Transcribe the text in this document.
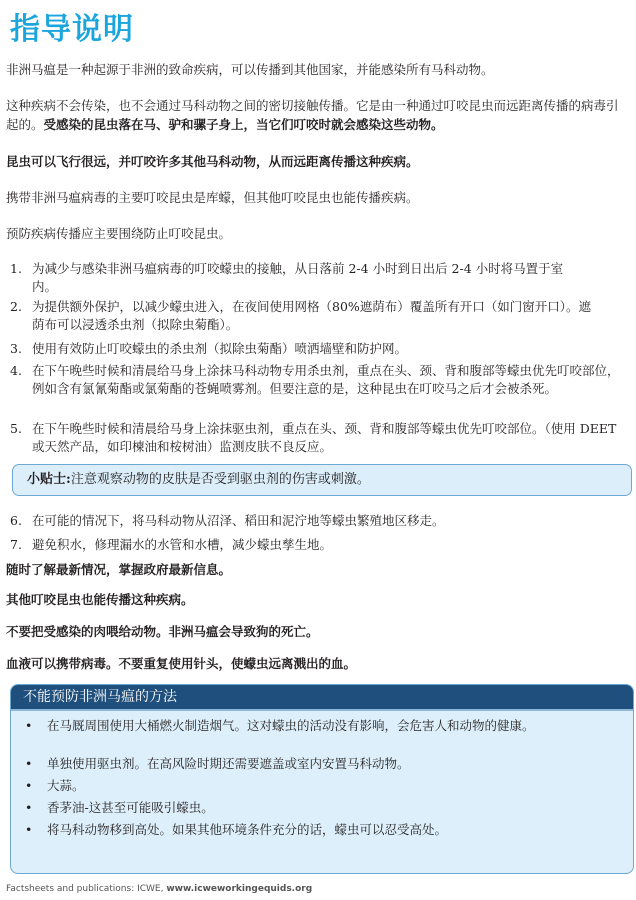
指导说明
非洲马瘟是一种起源于非洲的致命疾病，可以传播到其他国家，并能感染所有马科动物。
这种疾病不会传染，也不会通过马科动物之间的密切接触传播。它是由一种通过叮咬昆虫而远距离传播的病毒引起的。受感染的昆虫落在马、驴和骡子身上，当它们叮咬时就会感染这些动物。
昆虫可以飞行很远，并叮咬许多其他马科动物，从而远距离传播这种疾病。
携带非洲马瘟病毒的主要叮咬昆虫是库蠓，但其他叮咬昆虫也能传播疾病。
预防疾病传播应主要围绕防止叮咬昆虫。
1. 为减少与感染非洲马瘟病毒的叮咬蠓虫的接触，从日落前 2-4 小时到日出后 2-4 小时将马置于室内。
2. 为提供额外保护，以减少蠓虫进入，在夜间使用网格（80%遮荫布）覆盖所有开口（如门窗开口）。遮荫布可以浸透杀虫剂（拟除虫菊酯）。
3. 使用有效防止叮咬蠓虫的杀虫剂（拟除虫菊酯）喷洒墙壁和防护网。
4. 在下午晚些时候和清晨给马身上涂抹马科动物专用杀虫剂，重点在头、颈、背和腹部等蠓虫优先叮咬部位，例如含有氯氰菊酯或氯菊酯的苍蝇喷雾剂。但要注意的是，这种昆虫在叮咬马之后才会被杀死。
5. 在下午晚些时候和清晨给马身上涂抹驱虫剂，重点在头、颈、背和腹部等蠓虫优先叮咬部位。（使用 DEET 或天然产品，如印楝油和桉树油）监测皮肤不良反应。
小贴士:注意观察动物的皮肤是否受到驱虫剂的伤害或刺激。
6. 在可能的情况下，将马科动物从沼泽、稻田和泥泞地等蠓虫繁殖地区移走。
7. 避免积水，修理漏水的水管和水槽，减少蠓虫孳生地。
随时了解最新情况，掌握政府最新信息。
其他叮咬昆虫也能传播这种疾病。
不要把受感染的肉喂给动物。非洲马瘟会导致狗的死亡。
血液可以携带病毒。不要重复使用针头，使蠓虫远离溅出的血。
不能预防非洲马瘟的方法
• 在马厩周围使用大桶燃火制造烟气。这对蠓虫的活动没有影响，会危害人和动物的健康。
• 单独使用驱虫剂。在高风险时期还需要遮盖或室内安置马科动物。
• 大蒜。
• 香茅油-这甚至可能吸引蠓虫。
• 将马科动物移到高处。如果其他环境条件充分的话，蠓虫可以忍受高处。
Factsheets and publications: ICWE, www.icweworkingequids.org
